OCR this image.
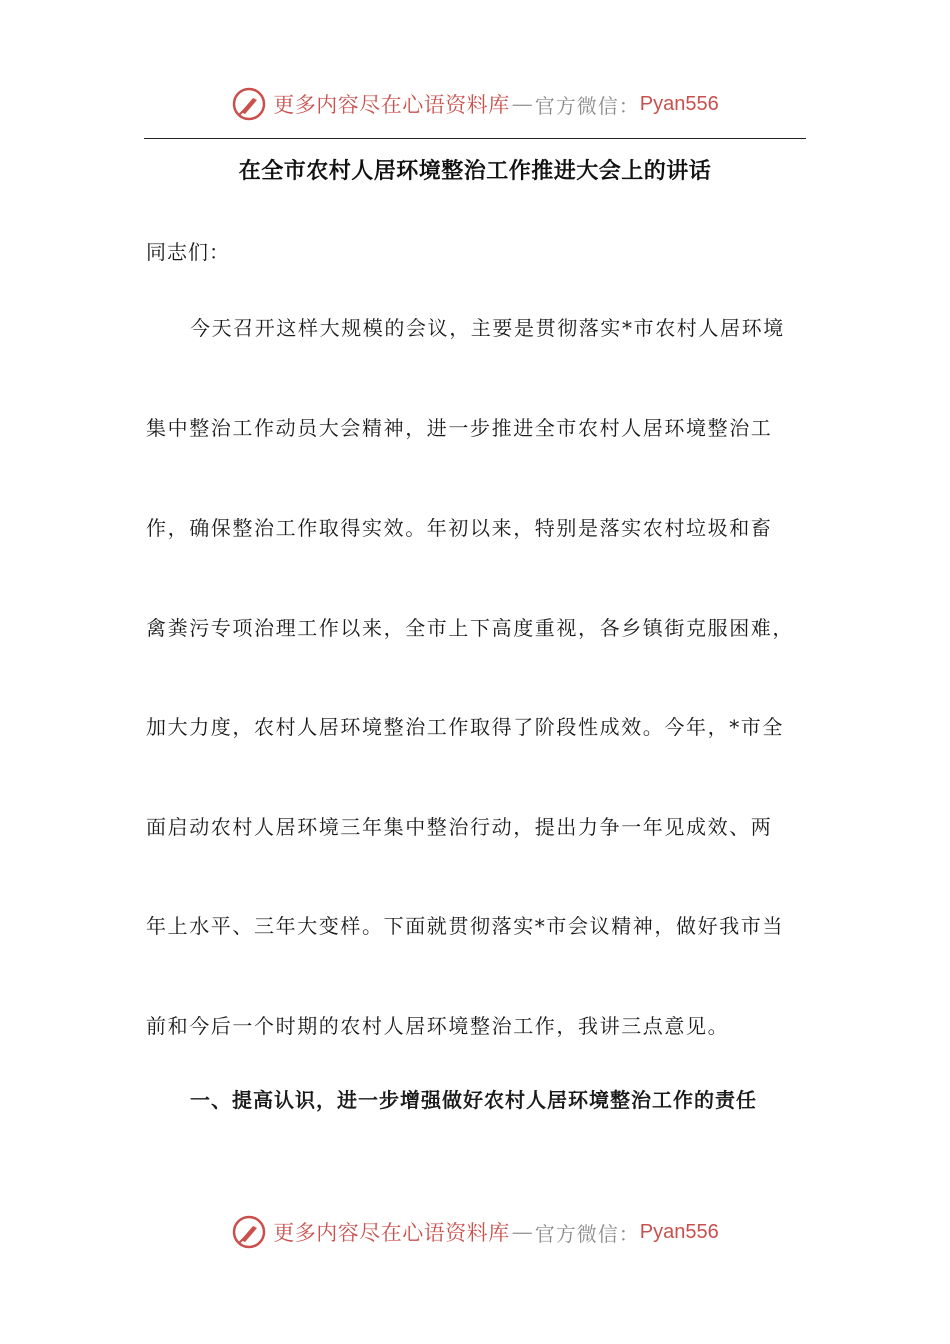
更多内容尽在心语资料库 — 官方微信： Pyan556
在全市农村人居环境整治工作推进大会上的讲话
同志们：
今天召开这样大规模的会议，主要是贯彻落实*市农村人居环境
集中整治工作动员大会精神，进一步推进全市农村人居环境整治工
作，确保整治工作取得实效。年初以来，特别是落实农村垃圾和畜
禽粪污专项治理工作以来，全市上下高度重视，各乡镇街克服困难，
加大力度，农村人居环境整治工作取得了阶段性成效。今年，*市全
面启动农村人居环境三年集中整治行动，提出力争一年见成效、两
年上水平、三年大变样。下面就贯彻落实*市会议精神，做好我市当
前和今后一个时期的农村人居环境整治工作，我讲三点意见。
一、提高认识，进一步增强做好农村人居环境整治工作的责任
更多内容尽在心语资料库 — 官方微信： Pyan556
